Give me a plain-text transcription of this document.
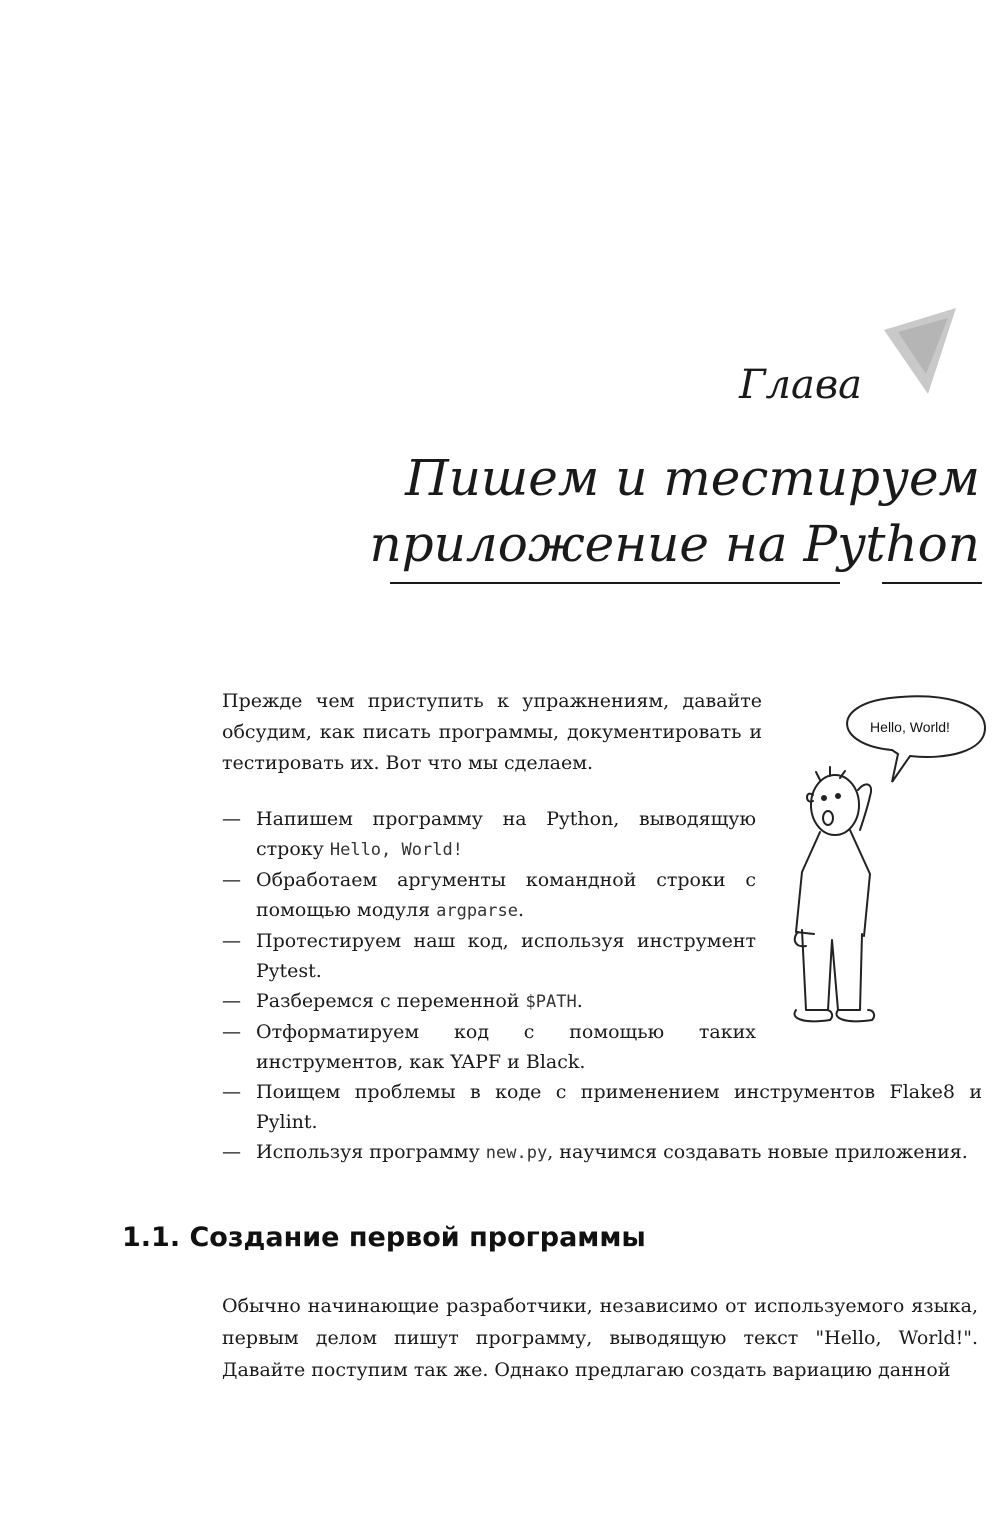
Глава
Пишем и тестируем
приложение на Python
Прежде чем приступить к упражнениям, давайте обсудим, как писать программы, документировать и тестировать их. Вот что мы сделаем.
— Напишем программу на Python, выводящую строку Hello, World!
— Обработаем аргументы командной строки с помощью модуля argparse.
— Протестируем наш код, используя инструмент Pytest.
— Разберемся с переменной $PATH.
— Отформатируем код с помощью таких инструментов, как YAPF и Black.
— Поищем проблемы в коде с применением инструментов Flake8 и Pylint.
— Используя программу new.py, научимся создавать новые приложения.
Hello, World!
1.1. Создание первой программы
Обычно начинающие разработчики, независимо от используемого языка, первым делом пишут программу, выводящую текст "Hello, World!". Давайте поступим так же. Однако предлагаю создать вариацию данной
